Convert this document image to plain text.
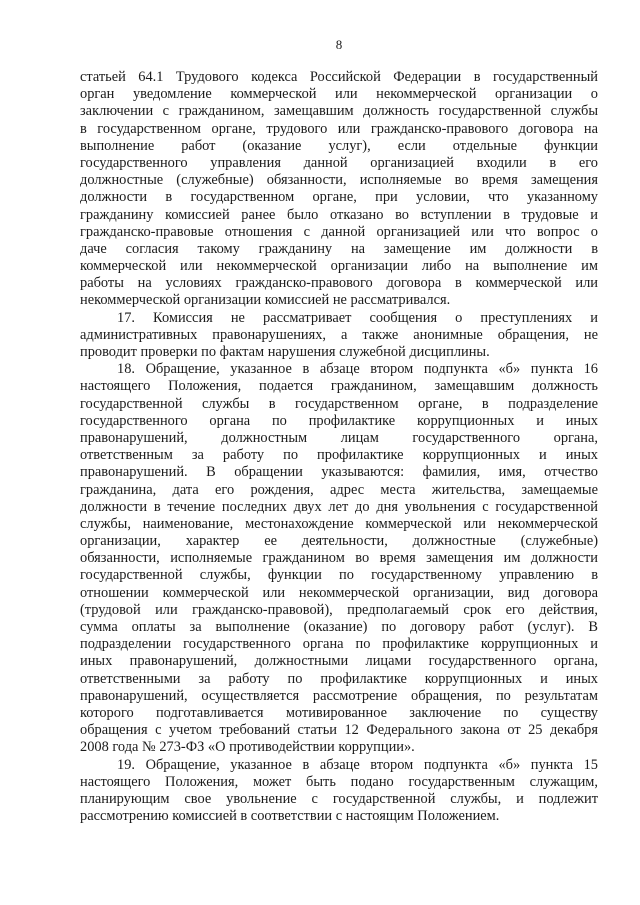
8
статьей 64.1 Трудового кодекса Российской Федерации в государственный
орган уведомление коммерческой или некоммерческой организации о
заключении с гражданином, замещавшим должность государственной службы
в государственном органе, трудового или гражданско-правового договора на
выполнение работ (оказание услуг), если отдельные функции
государственного управления данной организацией входили в его
должностные (служебные) обязанности, исполняемые во время замещения
должности в государственном органе, при условии, что указанному
гражданину комиссией ранее было отказано во вступлении в трудовые и
гражданско-правовые отношения с данной организацией или что вопрос о
даче согласия такому гражданину на замещение им должности в
коммерческой или некоммерческой организации либо на выполнение им
работы на условиях гражданско-правового договора в коммерческой или
некоммерческой организации комиссией не рассматривался.
17. Комиссия не рассматривает сообщения о преступлениях и
административных правонарушениях, а также анонимные обращения, не
проводит проверки по фактам нарушения служебной дисциплины.
18. Обращение, указанное в абзаце втором подпункта «б» пункта 16
настоящего Положения, подается гражданином, замещавшим должность
государственной службы в государственном органе, в подразделение
государственного органа по профилактике коррупционных и иных
правонарушений, должностным лицам государственного органа,
ответственным за работу по профилактике коррупционных и иных
правонарушений. В обращении указываются: фамилия, имя, отчество
гражданина, дата его рождения, адрес места жительства, замещаемые
должности в течение последних двух лет до дня увольнения с государственной
службы, наименование, местонахождение коммерческой или некоммерческой
организации, характер ее деятельности, должностные (служебные)
обязанности, исполняемые гражданином во время замещения им должности
государственной службы, функции по государственному управлению в
отношении коммерческой или некоммерческой организации, вид договора
(трудовой или гражданско-правовой), предполагаемый срок его действия,
сумма оплаты за выполнение (оказание) по договору работ (услуг). В
подразделении государственного органа по профилактике коррупционных и
иных правонарушений, должностными лицами государственного органа,
ответственными за работу по профилактике коррупционных и иных
правонарушений, осуществляется рассмотрение обращения, по результатам
которого подготавливается мотивированное заключение по существу
обращения с учетом требований статьи 12 Федерального закона от 25 декабря
2008 года № 273-ФЗ «О противодействии коррупции».
19. Обращение, указанное в абзаце втором подпункта «б» пункта 15
настоящего Положения, может быть подано государственным служащим,
планирующим свое увольнение с государственной службы, и подлежит
рассмотрению комиссией в соответствии с настоящим Положением.
